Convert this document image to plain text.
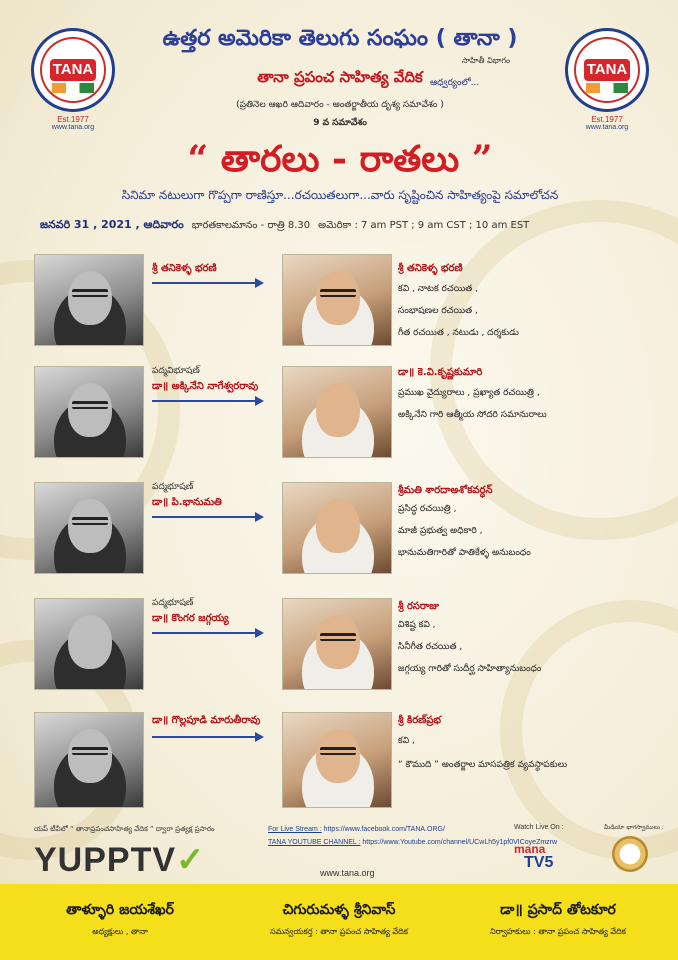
TANA
Est.1977
www.tana.org
TANA
Est.1977
www.tana.org
ఉత్తర అమెరికా తెలుగు సంఘం ( తానా )
సాహితీ విభాగం
తానా ప్రపంచ సాహిత్య వేదిక ఆధ్వర్యంలో...
(ప్రతినెల ఆఖరి ఆదివారం - అంతర్జాతీయ దృశ్య సమావేశం )
9 వ సమావేశం
“ తారలు - రాతలు ”
సినిమా నటులుగా గొప్పగా రాణిస్తూ...రచయితలుగా...వారు సృష్టించిన సాహిత్యంపై సమాలోచన
జనవరి 31 , 2021 , ఆదివారం భారతకాలమానం - రాత్రి 8.30 అమెరికా : 7 am PST ; 9 am CST ; 10 am EST
శ్రీ తనికెళ్ళ భరణి	శ్రీ తనికెళ్ళ భరణి
కవి , నాటక రచయిత ,
సంభాషణల రచయిత ,
గీత రచయిత , నటుడు , దర్శకుడు
పద్మవిభూషణ్
డా॥ అక్కినేని నాగేశ్వరరావు
డా॥ కె.వి.కృష్ణకుమారి
ప్రముఖ వైద్యురాలు , ప్రఖ్యాత రచయిత్రి ,
అక్కినేని గారి ఆత్మీయ సోదరి సమానురాలు
పద్మభూషణ్
డా॥ పి.భానుమతి
శ్రీమతి శారదాఅశోకవర్ధన్
ప్రసిద్ధ రచయిత్రి ,
మాజీ ప్రభుత్వ అధికారి ,
భానుమతిగారితో పాతికేళ్ళ అనుబంధం
పద్మభూషణ్
డా॥ కొంగర జగ్గయ్య
శ్రీ రసరాజు
విశిష్ట కవి ,
సినీగీత రచయిత ,
జగ్గయ్య గారితో సుదీర్ఘ సాహిత్యానుబంధం
డా॥ గొల్లపూడి మారుతీరావు	శ్రీ కిరణ్‌ప్రభ
కవి ,
“ కౌముది ” అంతర్జాల మాసపత్రిక వ్యవస్థాపకులు
యప్ టీవీలో “ తానాప్రపంచసాహిత్య వేదిక ” ద్వారా ప్రత్యక్ష ప్రసారం
YUPPTV✓
For Live Stream : https://www.facebook.com/TANA.ORG/
TANA YOUTUBE CHANNEL : https://www.Youtube.com/channel/UCwLh5y1pf0VICoyeZmzrw
www.tana.org
Watch Live On :
mana
TV5
మీడియా భాగస్వాములు :
తాళ్ళూరి జయశేఖర్
అధ్యక్షులు , తానా
చిగురుమళ్ళ శ్రీనివాస్
సమన్వయకర్త : తానా ప్రపంచ సాహిత్య వేదిక
డా॥ ప్రసాద్ తోటకూర
నిర్వాహకులు : తానా ప్రపంచ సాహిత్య వేదిక
